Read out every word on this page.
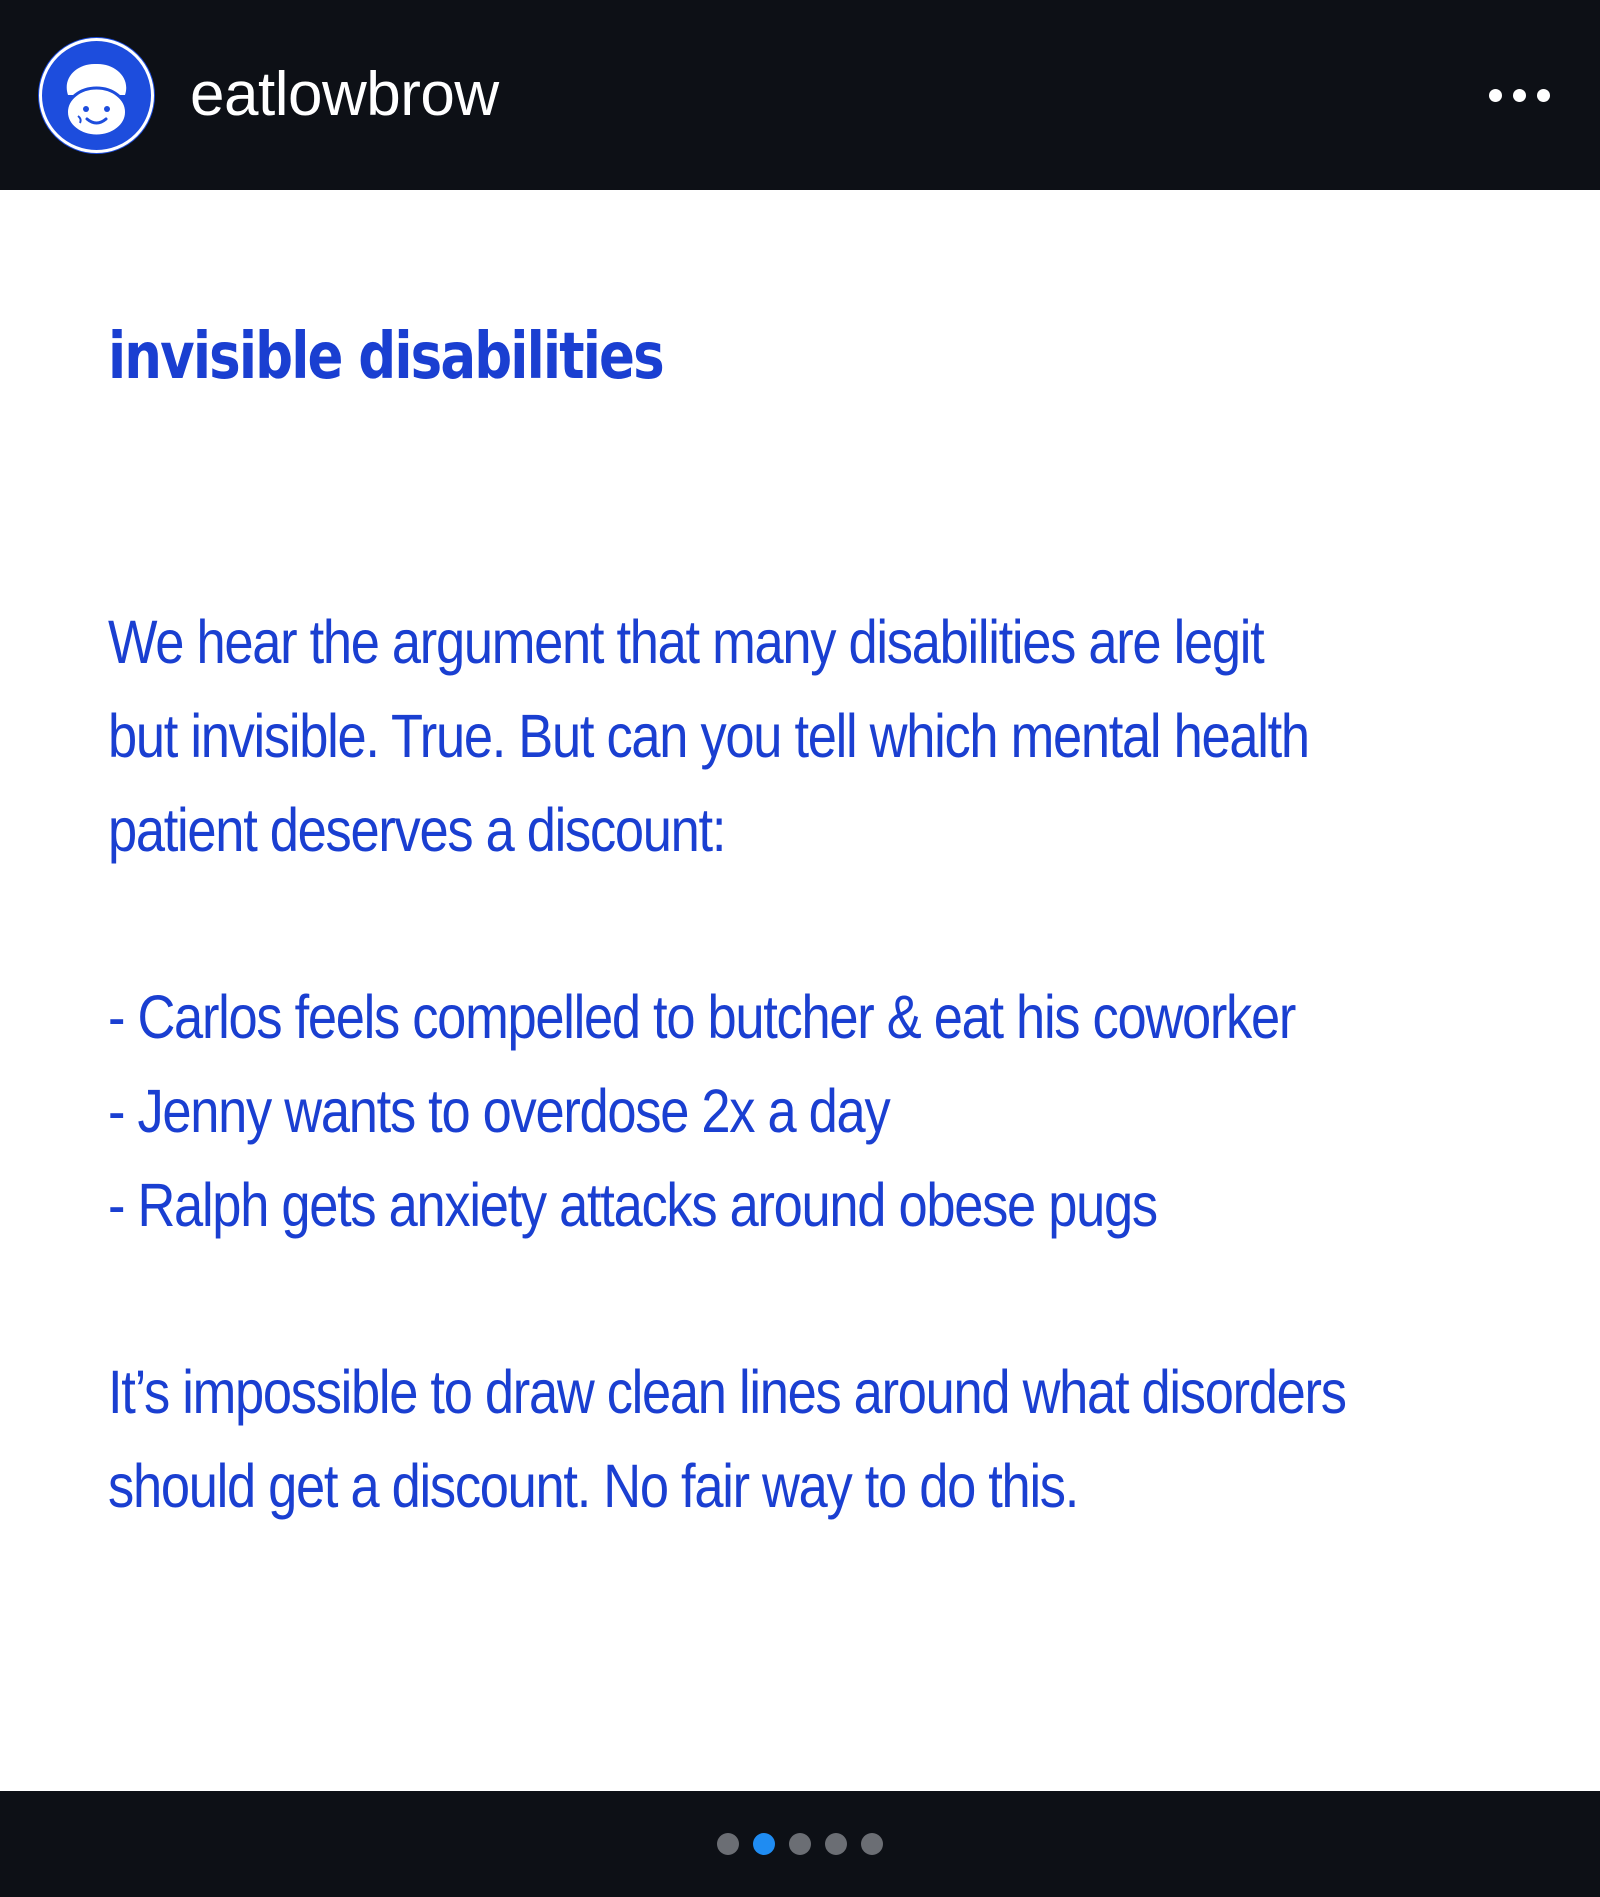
eatlowbrow
invisible disabilities
We hear the argument that many disabilities are legit
but invisible. True. But can you tell which mental health
patient deserves a discount:
- Carlos feels compelled to butcher & eat his coworker
- Jenny wants to overdose 2x a day
- Ralph gets anxiety attacks around obese pugs
It’s impossible to draw clean lines around what disorders
should get a discount. No fair way to do this.
